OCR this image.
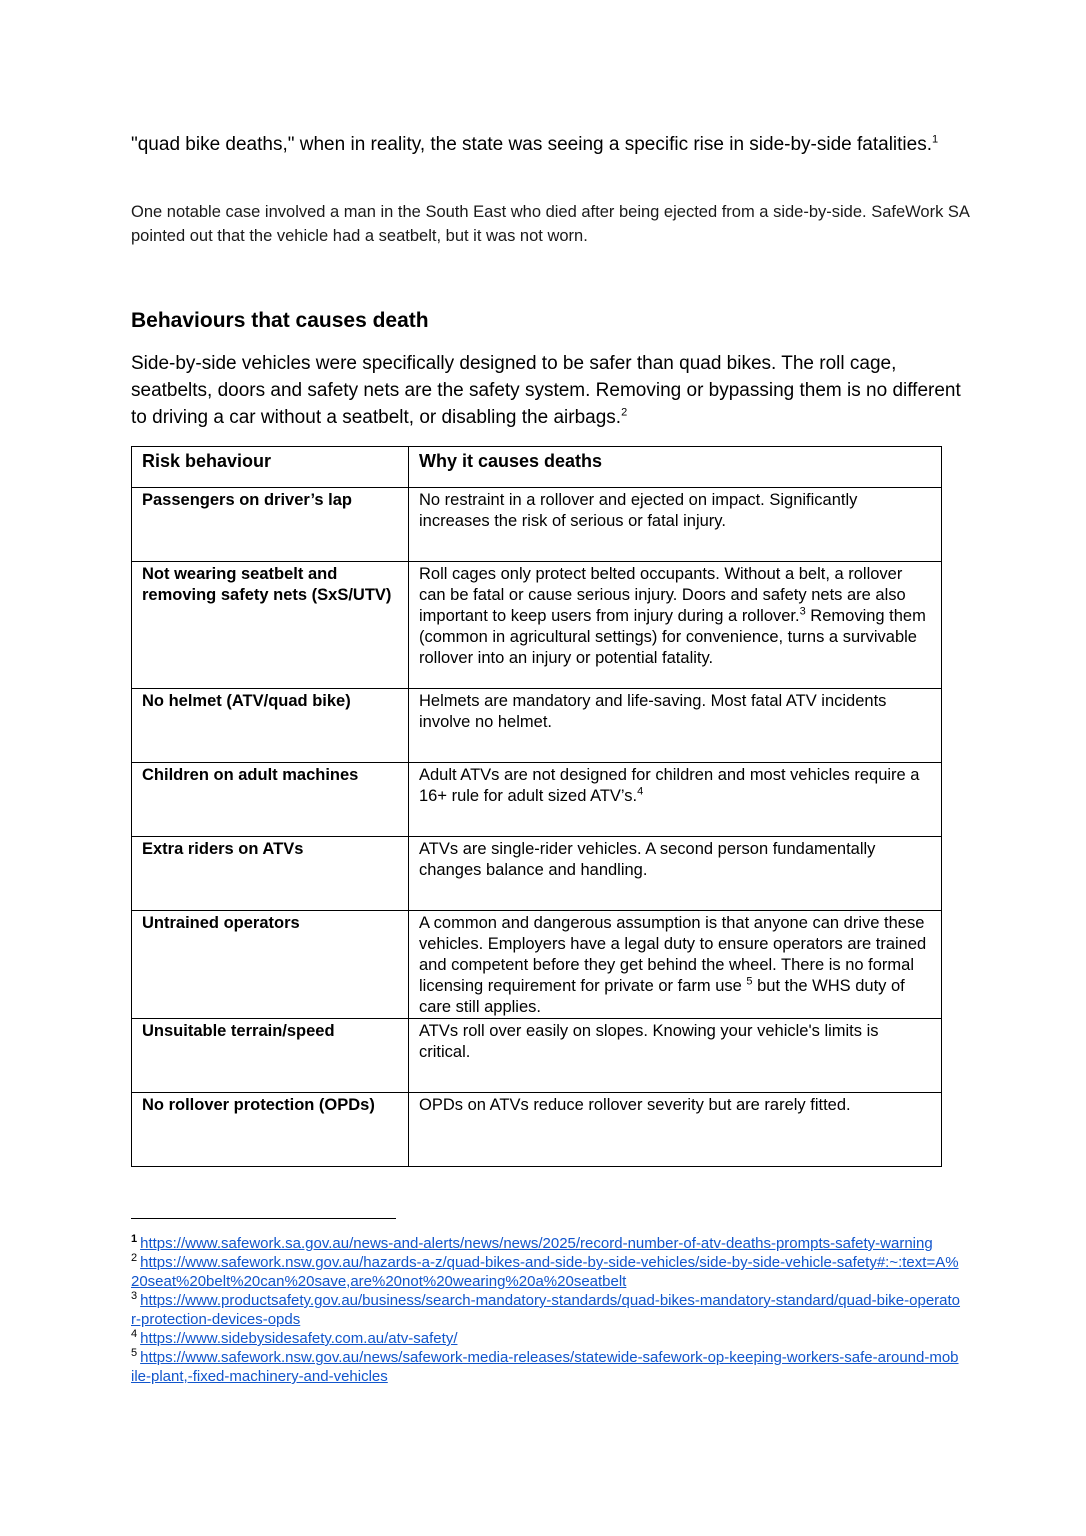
"quad bike deaths," when in reality, the state was seeing a specific rise in side-by-side fatalities.$^1$

One notable case involved a man in the South East who died after being ejected from a side-by-side. SafeWork SA pointed out that the vehicle had a seatbelt, but it was not worn.

Behaviours that causes death

Side-by-side vehicles were specifically designed to be safer than quad bikes. The roll cage, seatbelts, doors and safety nets are the safety system. Removing or bypassing them is no different to driving a car without a seatbelt, or disabling the airbags.$^2$

Risk behaviour	Why it causes deaths
Passengers on driver’s lap	No restraint in a rollover and ejected on impact. Significantly increases the risk of serious or fatal injury.
Not wearing seatbelt and removing safety nets (SxS/UTV)	Roll cages only protect belted occupants. Without a belt, a rollover can be fatal or cause serious injury. Doors and safety nets are also important to keep users from injury during a rollover.$^3$ Removing them (common in agricultural settings) for convenience, turns a survivable rollover into an injury or potential fatality.
No helmet (ATV/quad bike)	Helmets are mandatory and life-saving. Most fatal ATV incidents involve no helmet.
Children on adult machines	Adult ATVs are not designed for children and most vehicles require a 16+ rule for adult sized ATV’s.$^4$
Extra riders on ATVs	ATVs are single-rider vehicles. A second person fundamentally changes balance and handling.
Untrained operators	A common and dangerous assumption is that anyone can drive these vehicles. Employers have a legal duty to ensure operators are trained and competent before they get behind the wheel. There is no formal licensing requirement for private or farm use $^5$ but the WHS duty of care still applies.
Unsuitable terrain/speed	ATVs roll over easily on slopes. Knowing your vehicle's limits is critical.
No rollover protection (OPDs)	OPDs on ATVs reduce rollover severity but are rarely fitted.
$^1$ https://www.safework.sa.gov.au/news-and-alerts/news/news/2025/record-number-of-atv-deaths-prompts-safety-warning
$^2$ https://www.safework.nsw.gov.au/hazards-a-z/quad-bikes-and-side-by-side-vehicles/side-by-side-vehicle-safety#:~:text=A%20seat%20belt%20can%20save,are%20not%20wearing%20a%20seatbelt
$^3$ https://www.productsafety.gov.au/business/search-mandatory-standards/quad-bikes-mandatory-standard/quad-bike-operator-protection-devices-opds
$^4$ https://www.sidebysidesafety.com.au/atv-safety/
$^5$ https://www.safework.nsw.gov.au/news/safework-media-releases/statewide-safework-op-keeping-workers-safe-around-mobile-plant,-fixed-machinery-and-vehicles
